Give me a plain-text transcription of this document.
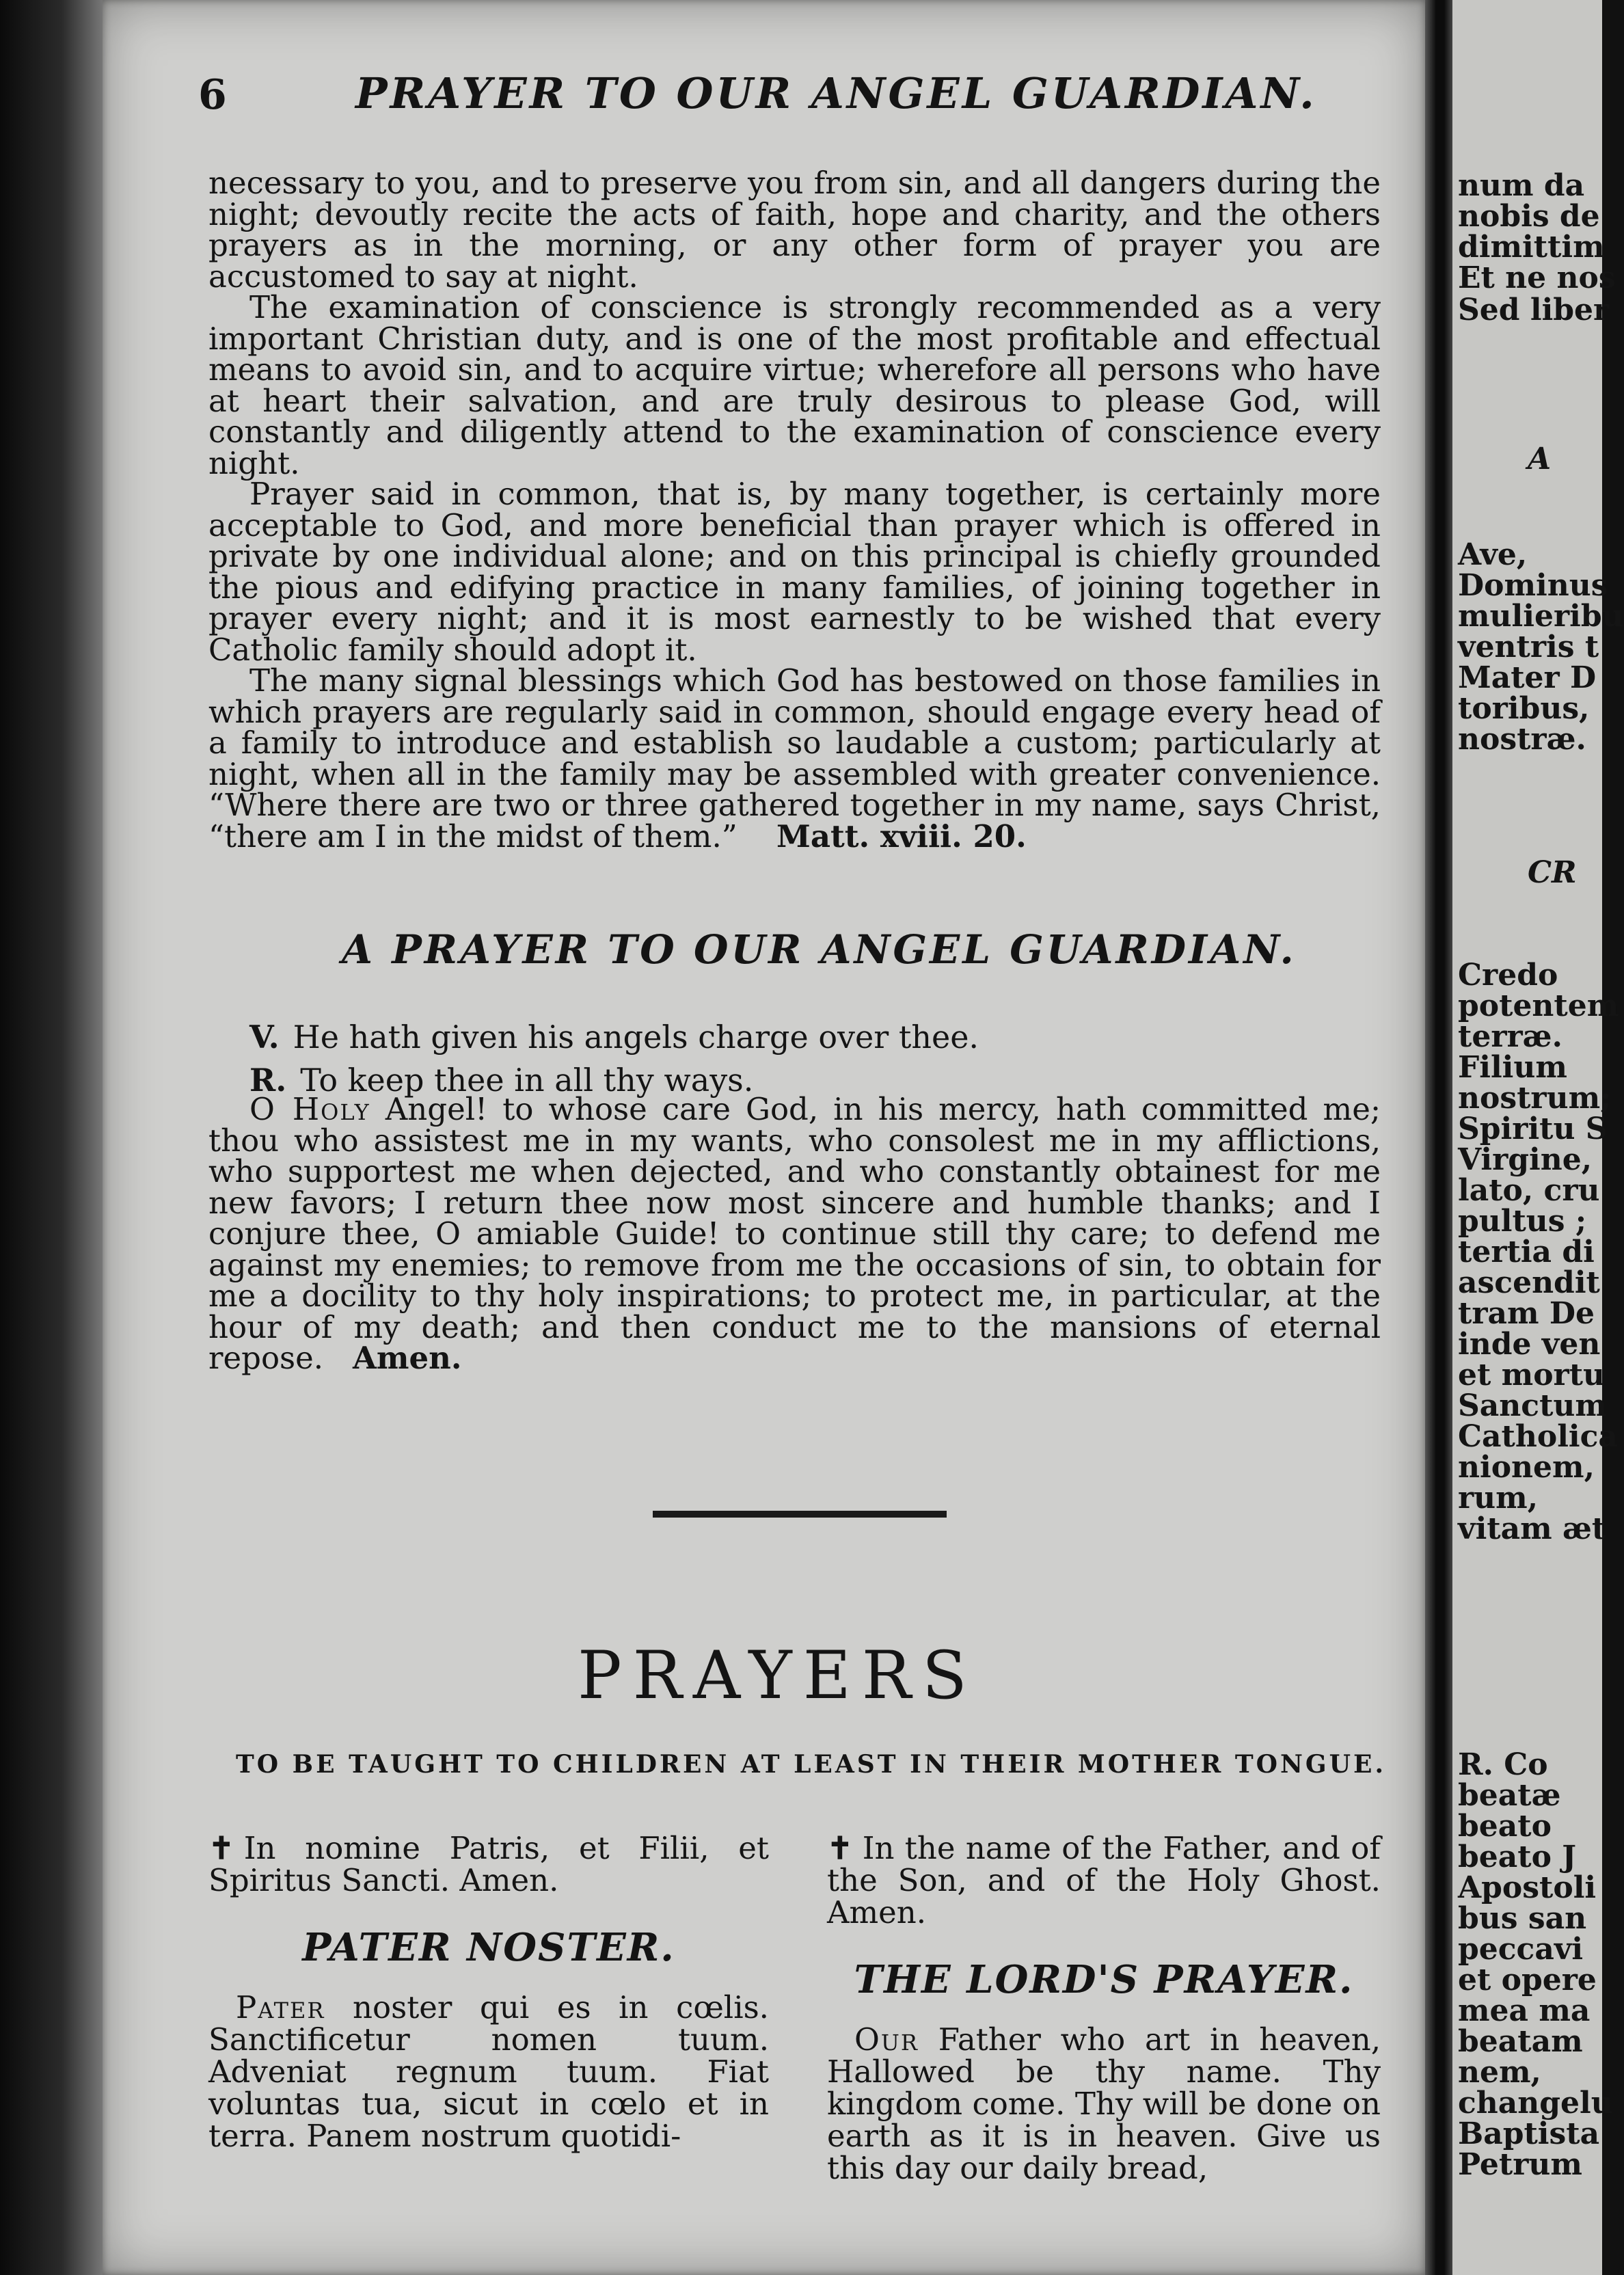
6	PRAYER TO OUR ANGEL GUARDIAN.

necessary to you, and to preserve you from sin, and all dangers during the night; devoutly recite the acts of faith, hope and charity, and the others prayers as in the morning, or any other form of prayer you are accustomed to say at night.

The examination of conscience is strongly recommended as a very important Christian duty, and is one of the most profitable and effectual means to avoid sin, and to acquire virtue; wherefore all persons who have at heart their salvation, and are truly desirous to please God, will constantly and diligently attend to the examination of conscience every night.

Prayer said in common, that is, by many together, is certainly more acceptable to God, and more beneficial than prayer which is offered in private by one individual alone; and on this principal is chiefly grounded the pious and edifying practice in many families, of joining together in prayer every night; and it is most earnestly to be wished that every Catholic family should adopt it.

The many signal blessings which God has bestowed on those families in which prayers are regularly said in common, should engage every head of a family to introduce and establish so laudable a custom; particularly at night, when all in the family may be assembled with greater convenience. “Where there are two or three gathered together in my name, says Christ, “there am I in the midst of them.” Matt. xviii. 20.

A PRAYER TO OUR ANGEL GUARDIAN.
V. He hath given his angels charge over thee.
R. To keep thee in all thy ways.

O Holy Angel! to whose care God, in his mercy, hath committed me; thou who assistest me in my wants, who consolest me in my afflictions, who supportest me when dejected, and who constantly obtainest for me new favors; I return thee now most sincere and humble thanks; and I conjure thee, O amiable Guide! to continue still thy care; to defend me against my enemies; to remove from me the occasions of sin, to obtain for me a docility to thy holy inspirations; to protect me, in particular, at the hour of my death; and then conduct me to the mansions of eternal repose. Amen.

PRAYERS
TO BE TAUGHT TO CHILDREN AT LEAST IN THEIR MOTHER TONGUE.

✝ In nomine Patris, et Filii, et Spiritus Sancti. Amen.

PATER NOSTER.

Pater noster qui es in cœlis. Sanctificetur nomen tuum. Adveniat regnum tuum. Fiat voluntas tua, sicut in cœlo et in terra. Panem nostrum quotidi-

✝ In the name of the Father, and of the Son, and of the Holy Ghost. Amen.

THE LORD'S PRAYER.

Our Father who art in heaven, Hallowed be thy name. Thy kingdom come. Thy will be done on earth as it is in heaven. Give us this day our daily bread,

num da
nobis de
dimittim
Et ne nos
Sed liber
A
Ave,
Dominus
mulieribu
ventris t
Mater D
toribus,
nostræ.
CR
Credo
potentem
terræ.
Filium
nostrum;
Spiritu S
Virgine,
lato, cru
pultus ;
tertia di
ascendit
tram De
inde ven
et mortu
Sanctum
Catholica
nionem,
rum,
vitam æt
R. Co
beatæ
beato
beato J
Apostoli
bus san
peccavi
et opere
mea ma
beatam
nem,
changelu
Baptista
Petrum
